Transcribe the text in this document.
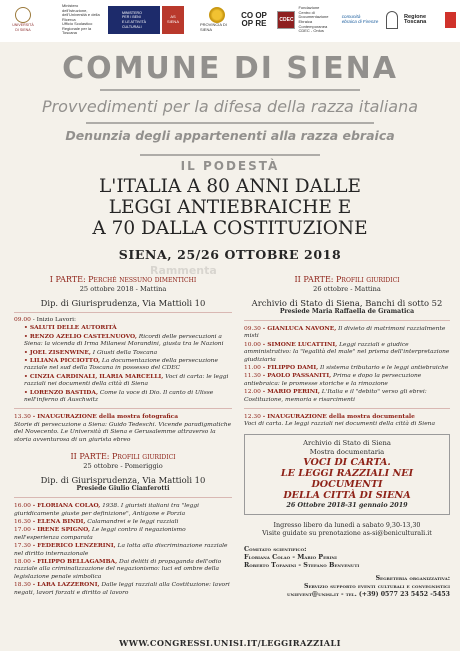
UNIVERSITÀ
DI SIENA
Ministero dell'Istruzione,
dell'Università e della Ricerca
Ufficio Scolastico Regionale per la Toscana
MINISTERO
PER I BENI
E LE ATTIVITÀ
CULTURALI
AS
SIENA
PROVINCIA DI SIENA
CO OP
OP RE	CDEC
Fondazione
Centro di
Documentazione
Ebraica
Contemporanea
CDEC - Onlus
comunità
ebraica di Firenze
Regione Toscana
COMUNE DI SIENA
Provvedimenti per la difesa della razza italiana
Denunzia degli appartenenti alla razza ebraica
IL PODESTÀ
Rammenta
L'ITALIA A 80 ANNI DALLE
LEGGI ANTIEBRAICHE E
A 70 DALLA COSTITUZIONE
SIENA, 25/26 OTTOBRE 2018
I PARTE: Perché nessuno dimentichi
25 ottobre 2018 - Mattina
Dip. di Giurisprudenza, Via Mattioli 10
09.00 - Inizio Lavori:
• SALUTI DELLE AUTORITÀ
• RENZO AZELIO CASTELNUOVO, Ricordi delle persecuzioni a Siena: la vicenda di Irma Milanesi Morandini, giusta tra le Nazioni
• JOEL ZISENWINE, I Giusti della Toscana
• LILIANA PICCIOTTO, La documentazione della persecuzione razziale nel sud della Toscana in possesso del CDEC
• CINZIA CARDINALI, ILARIA MARCELLI, Voci di carta: le leggi razziali nei documenti della città di Siena
• LORENZO BASTIDA, Come la voce di Dio. Il canto di Ulisse nell'inferno di Auschwitz
13.30 - INAUGURAZIONE della mostra fotografica
Storie di persecuzione a Siena: Guido Tedeschi. Vicende paradigmatiche del Novecento. Le Università di Siena e Gerusalemme attraverso la storia avventurosa di un giurista ebreo
II PARTE: Profili giuridici
25 ottobre - Pomeriggio
Dip. di Giurisprudenza, Via Mattioli 10
Presiede Giulio Cianferotti
16.00 - FLORIANA COLAO, 1938. I giuristi italiani tra "leggi giuridicamente giuste per definizione", Antigone e Porzia
16.30 - ELENA BINDI, Calamandrei e le leggi razziali
17.00 - IRENE SPIGNO, Le leggi contro il negazionismo nell'esperienza comparata
17.30 - FEDERICO LENZERINI, La lotta alla discriminazione razziale nel diritto internazionale
18.00 - FILIPPO BELLAGAMBA, Dai delitti di propaganda dell'odio razziale alla criminalizzazione del negazionismo: luci ed ombre della legislazione penale simbolica
18.30 - LARA LAZZERONI, Dalle leggi razziali alla Costituzione: lavori negati, lavori forzati e diritto al lavoro
II PARTE: Profili giuridici
26 ottobre - Mattina
Archivio di Stato di Siena, Banchi di sotto 52
Presiede Maria Raffaella de Gramatica
09.30 - GIANLUCA NAVONE, Il divieto di matrimoni razzialmente misti
10.00 - SIMONE LUCATTINI, Leggi razziali e giudice amministrativo: la "legalità del male" nel prisma dell'interpretazione giudiziaria
11.00 - FILIPPO DAMI, Il sistema tributario e le leggi antiebraiche
11.30 - PAOLO PASSANITI, Prima e dopo la persecuzione antiebraica: le promesse storiche e la rimozione
12.00 - MARIO PERINI, L'Italia e il "debito" verso gli ebrei: Costituzione, memoria e risarcimenti
12.30 - INAUGURAZIONE della mostra documentale
Voci di carta. Le leggi razziali nei documenti della città di Siena
Archivio di Stato di Siena
Mostra documentaria
VOCI DI CARTA.
LE LEGGI RAZZIALI NEI DOCUMENTI
DELLA CITTÀ DI SIENA
26 Ottobre 2018-31 gennaio 2019
Ingresso libero da lunedì a sabato 9,30-13,30
Visite guidate su prenotazione as-si@beniculturali.it
Comitato scientifico:
Floriana Colao - Mario Perini
Roberto Tofanini - Stefano Benvenuti
Segreteria organizzativa:
Servizio supporto eventi culturali e convegnistici
unievent@unisi.it - tel. (+39) 0577 23 5452 -5453
WWW.CONGRESSI.UNISI.IT/LEGGIRAZZIALI
